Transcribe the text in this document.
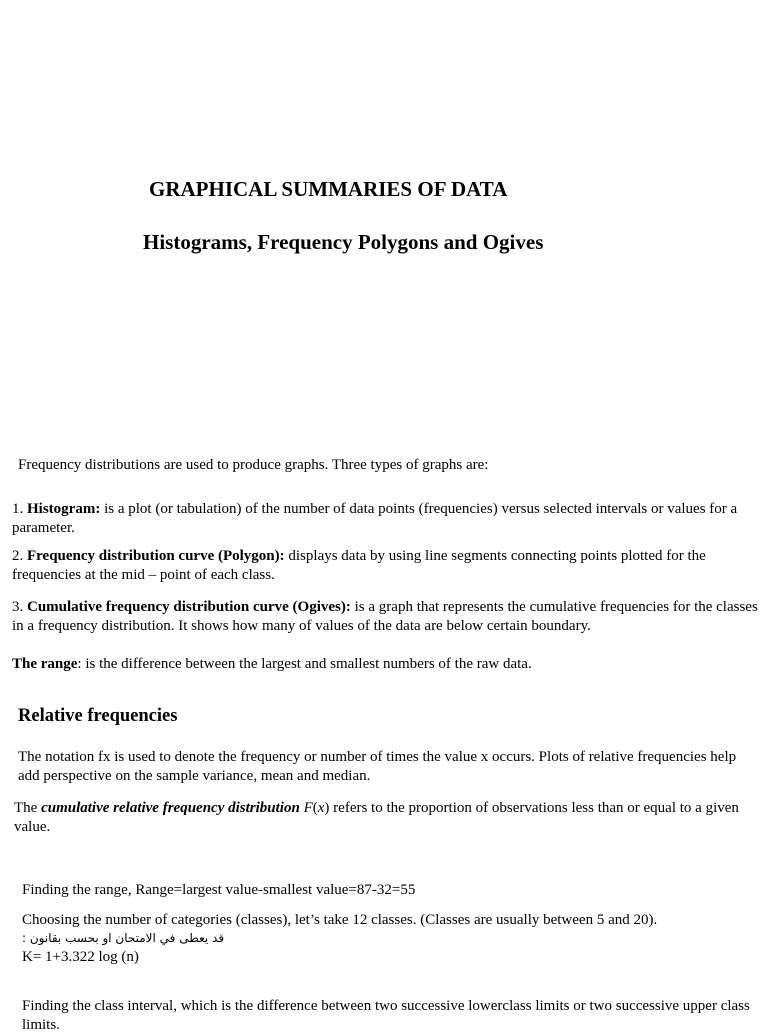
GRAPHICAL SUMMARIES OF DATA
Histograms, Frequency Polygons and Ogives

Frequency distributions are used to produce graphs. Three types of graphs are:

1. Histogram: is a plot (or tabulation) of the number of data points (frequencies) versus selected intervals or values for a parameter.

2. Frequency distribution curve (Polygon): displays data by using line segments connecting points plotted for the frequencies at the mid – point of each class.

3. Cumulative frequency distribution curve (Ogives): is a graph that represents the cumulative frequencies for the classes in a frequency distribution. It shows how many of values of the data are below certain boundary.

The range: is the difference between the largest and smallest numbers of the raw data.

Relative frequencies

The notation fx is used to denote the frequency or number of times the value x occurs. Plots of relative frequencies help add perspective on the sample variance, mean and median.

The cumulative relative frequency distribution F(x) refers to the proportion of observations less than or equal to a given value.

Finding the range, Range=largest value-smallest value=87-32=55

Choosing the number of categories (classes), let’s take 12 classes. (Classes are usually between 5 and 20).

قد يعطى في الامتحان او بحسب بقانون :

K= 1+3.322 log (n)

Finding the class interval, which is the difference between two successive lowerclass limits or two successive upper class limits.
